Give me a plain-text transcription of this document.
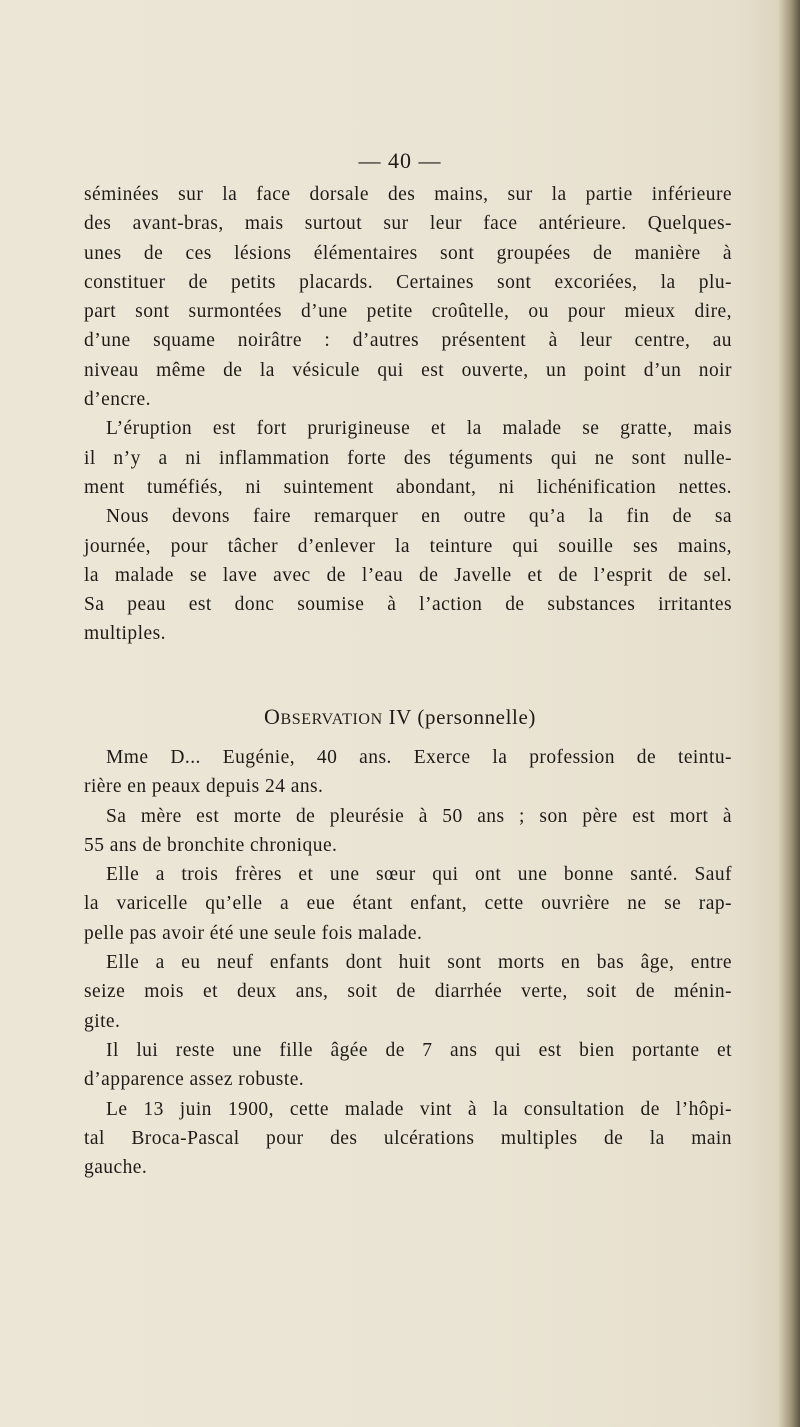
— 40 —
séminées sur la face dorsale des mains, sur la partie inférieure
des avant-bras, mais surtout sur leur face antérieure. Quelques-
unes de ces lésions élémentaires sont groupées de manière à
constituer de petits placards. Certaines sont excoriées, la plu-
part sont surmontées d’une petite croûtelle, ou pour mieux dire,
d’une squame noirâtre : d’autres présentent à leur centre, au
niveau même de la vésicule qui est ouverte, un point d’un noir
d’encre.
L’éruption est fort prurigineuse et la malade se gratte, mais
il n’y a ni inflammation forte des téguments qui ne sont nulle-
ment tuméfiés, ni suintement abondant, ni lichénification nettes.
Nous devons faire remarquer en outre qu’a la fin de sa
journée, pour tâcher d’enlever la teinture qui souille ses mains,
la malade se lave avec de l’eau de Javelle et de l’esprit de sel.
Sa peau est donc soumise à l’action de substances irritantes
multiples.
OBSERVATION IV (personnelle)
Mme D... Eugénie, 40 ans. Exerce la profession de teintu-
rière en peaux depuis 24 ans.
Sa mère est morte de pleurésie à 50 ans ; son père est mort à
55 ans de bronchite chronique.
Elle a trois frères et une sœur qui ont une bonne santé. Sauf
la varicelle qu’elle a eue étant enfant, cette ouvrière ne se rap-
pelle pas avoir été une seule fois malade.
Elle a eu neuf enfants dont huit sont morts en bas âge, entre
seize mois et deux ans, soit de diarrhée verte, soit de ménin-
gite.
Il lui reste une fille âgée de 7 ans qui est bien portante et
d’apparence assez robuste.
Le 13 juin 1900, cette malade vint à la consultation de l’hôpi-
tal Broca-Pascal pour des ulcérations multiples de la main
gauche.
